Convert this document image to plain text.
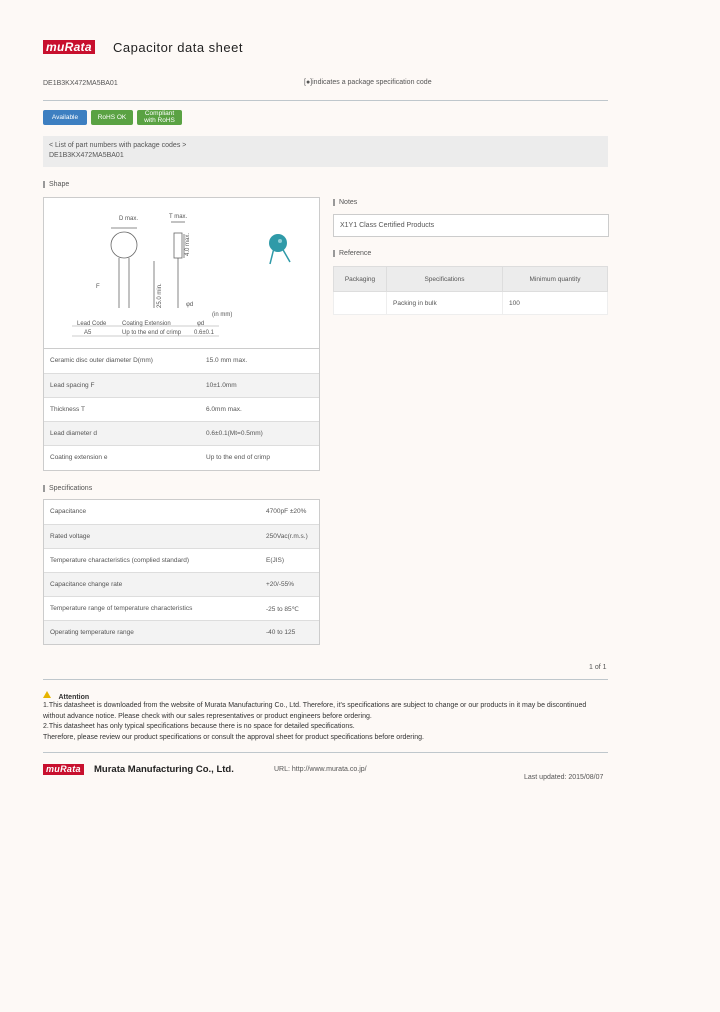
muRata Capacitor data sheet
DE1B3KX472MA5BA01	[●]indicates a package specification code
Available	RoHS OK
Compliant
with RoHS
< List of part numbers with package codes >
DE1B3KX472MA5BA01
Shape
D max.	T max.
F
4.0 max.
25.0 min.	φd
(in mm)
Lead Code	Coating Extension	φd
A5	Up to the end of crimp 0.6±0.1
Ceramic disc outer diameter D(mm)	15.0 mm max.
Lead spacing F	10±1.0mm
Thickness T	6.0mm max.
Lead diameter d	0.6±0.1(Mt=0.5mm)
Coating extension e	Up to the end of crimp
Specifications
Capacitance	4700pF ±20%
Rated voltage	250Vac(r.m.s.)
Temperature characteristics (complied standard)	E(JIS)
Capacitance change rate	+20/-55%
Temperature range of temperature characteristics	-25 to 85℃
Operating temperature range	-40 to 125
Notes
X1Y1 Class Certified Products
Reference
Packaging	Specifications	Minimum quantity
	Packing in bulk	100
1 of 1
Attention
1.This datasheet is downloaded from the website of Murata Manufacturing Co., Ltd. Therefore, it's specifications are subject to change or our products in it may be discontinued
without advance notice. Please check with our sales representatives or product engineers before ordering.
2.This datasheet has only typical specifications because there is no space for detailed specifications.
Therefore, please review our product specifications or consult the approval sheet for product specifications before ordering.
muRata	Murata Manufacturing Co., Ltd.	URL: http://www.murata.co.jp/
Last updated: 2015/08/07
